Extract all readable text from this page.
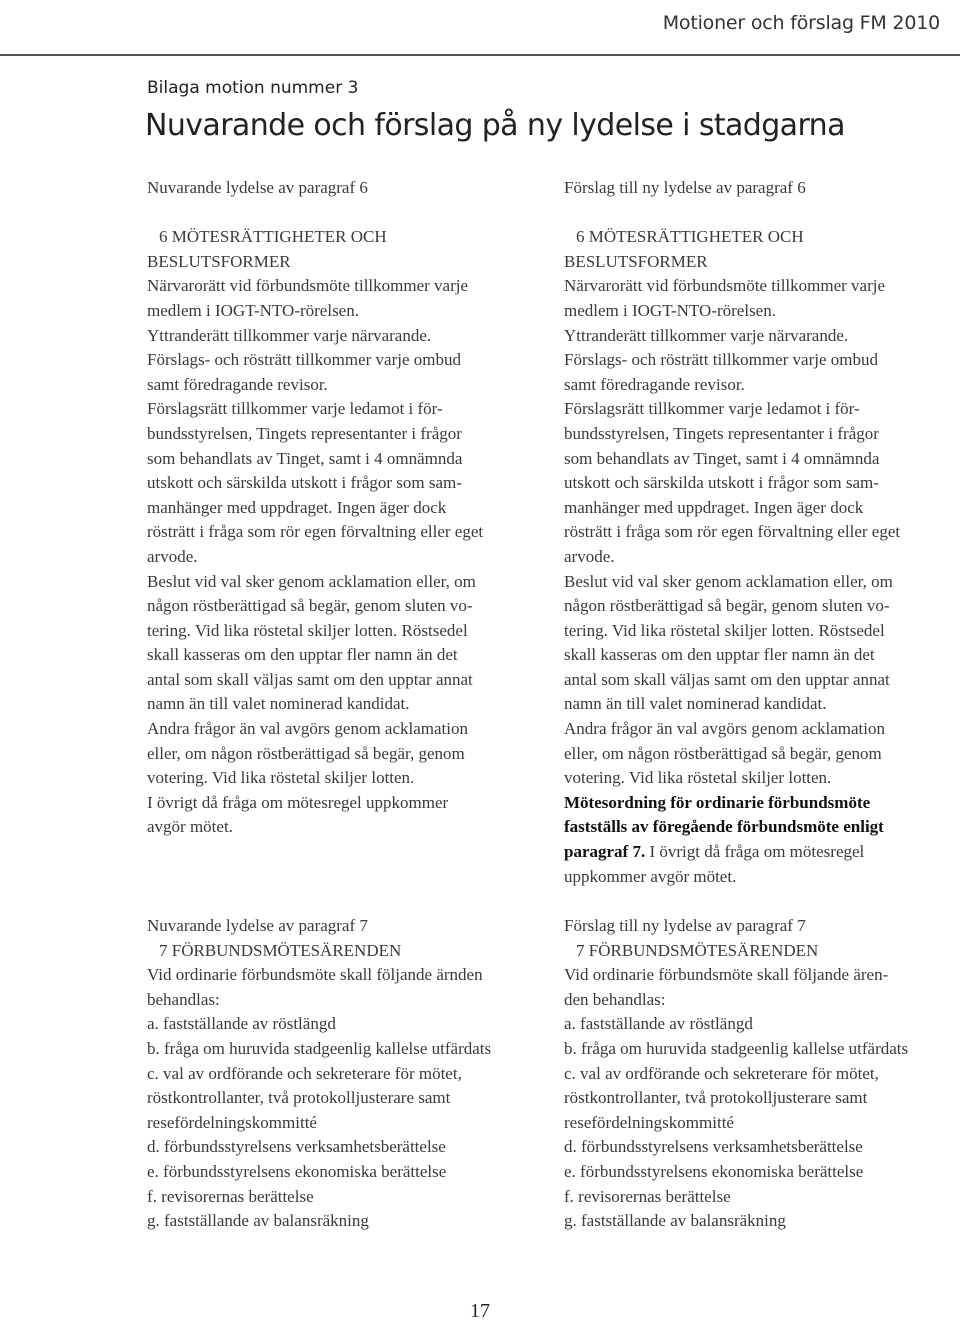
Motioner och förslag FM 2010
Bilaga motion nummer 3
Nuvarande och förslag på ny lydelse i stadgarna

Nuvarande lydelse av paragraf 6

§ 6 MÖTESRÄTTIGHETER OCH

BESLUTSFORMER

Närvarorätt vid förbundsmöte tillkommer varje

medlem i IOGT-NTO-rörelsen.

Yttranderätt tillkommer varje närvarande.

Förslags- och rösträtt tillkommer varje ombud

samt föredragande revisor.

Förslagsrätt tillkommer varje ledamot i för-

bundsstyrelsen, Tingets representanter i frågor

som behandlats av Tinget, samt i 4 omnämnda

utskott och särskilda utskott i frågor som sam-

manhänger med uppdraget. Ingen äger dock

rösträtt i fråga som rör egen förvaltning eller eget

arvode.

Beslut vid val sker genom acklamation eller, om

någon röstberättigad så begär, genom sluten vo-

tering. Vid lika röstetal skiljer lotten. Röstsedel

skall kasseras om den upptar fler namn än det

antal som skall väljas samt om den upptar annat

namn än till valet nominerad kandidat.

Andra frågor än val avgörs genom acklamation

eller, om någon röstberättigad så begär, genom

votering. Vid lika röstetal skiljer lotten.

I övrigt då fråga om mötesregel uppkommer

avgör mötet.

Förslag till ny lydelse av paragraf 6

§ 6 MÖTESRÄTTIGHETER OCH

BESLUTSFORMER

Närvarorätt vid förbundsmöte tillkommer varje

medlem i IOGT-NTO-rörelsen.

Yttranderätt tillkommer varje närvarande.

Förslags- och rösträtt tillkommer varje ombud

samt föredragande revisor.

Förslagsrätt tillkommer varje ledamot i för-

bundsstyrelsen, Tingets representanter i frågor

som behandlats av Tinget, samt i 4 omnämnda

utskott och särskilda utskott i frågor som sam-

manhänger med uppdraget. Ingen äger dock

rösträtt i fråga som rör egen förvaltning eller eget

arvode.

Beslut vid val sker genom acklamation eller, om

någon röstberättigad så begär, genom sluten vo-

tering. Vid lika röstetal skiljer lotten. Röstsedel

skall kasseras om den upptar fler namn än det

antal som skall väljas samt om den upptar annat

namn än till valet nominerad kandidat.

Andra frågor än val avgörs genom acklamation

eller, om någon röstberättigad så begär, genom

votering. Vid lika röstetal skiljer lotten.

Mötesordning för ordinarie förbundsmöte

fastställs av föregående förbundsmöte enligt

paragraf 7. I övrigt då fråga om mötesregel

uppkommer avgör mötet.

Nuvarande lydelse av paragraf 7

§ 7 FÖRBUNDSMÖTESÄRENDEN

Vid ordinarie förbundsmöte skall följande ärnden

behandlas:

a. fastställande av röstlängd

b. fråga om huruvida stadgeenlig kallelse utfärdats

c. val av ordförande och sekreterare för mötet,

röstkontrollanter, två protokolljusterare samt

resefördelningskommitté

d. förbundsstyrelsens verksamhetsberättelse

e. förbundsstyrelsens ekonomiska berättelse

f. revisorernas berättelse

g. fastställande av balansräkning

Förslag till ny lydelse av paragraf 7

§ 7 FÖRBUNDSMÖTESÄRENDEN

Vid ordinarie förbundsmöte skall följande ären-

den behandlas:

a. fastställande av röstlängd

b. fråga om huruvida stadgeenlig kallelse utfärdats

c. val av ordförande och sekreterare för mötet,

röstkontrollanter, två protokolljusterare samt

resefördelningskommitté

d. förbundsstyrelsens verksamhetsberättelse

e. förbundsstyrelsens ekonomiska berättelse

f. revisorernas berättelse

g. fastställande av balansräkning

17
